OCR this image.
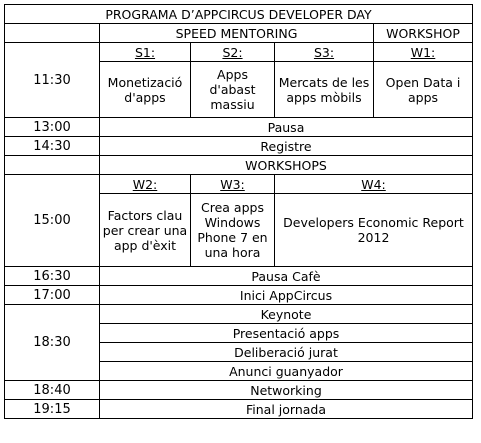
PROGRAMA D’APPCIRCUS DEVELOPER DAY				
	SPEED MENTORING			WORKSHOP
11:30	S1:	S2:	S3:	W1:
	Monetizació d'apps	Apps d'abast massiu	Mercats de les apps mòbils	Open Data i apps
13:00	Pausa			
14:30	Registre			
	WORKSHOPS			
15:00	W2:	W3:	W4:	
	Factors clau per crear una app d'èxit	Crea apps Windows Phone 7 en una hora	Developers Economic Report 2012	
16:30	Pausa Cafè			
17:00	Inici AppCircus			
18:30	Keynote			
	Presentació apps			
	Deliberació jurat			
	Anunci guanyador			
18:40	Networking			
19:15	Final jornada			
